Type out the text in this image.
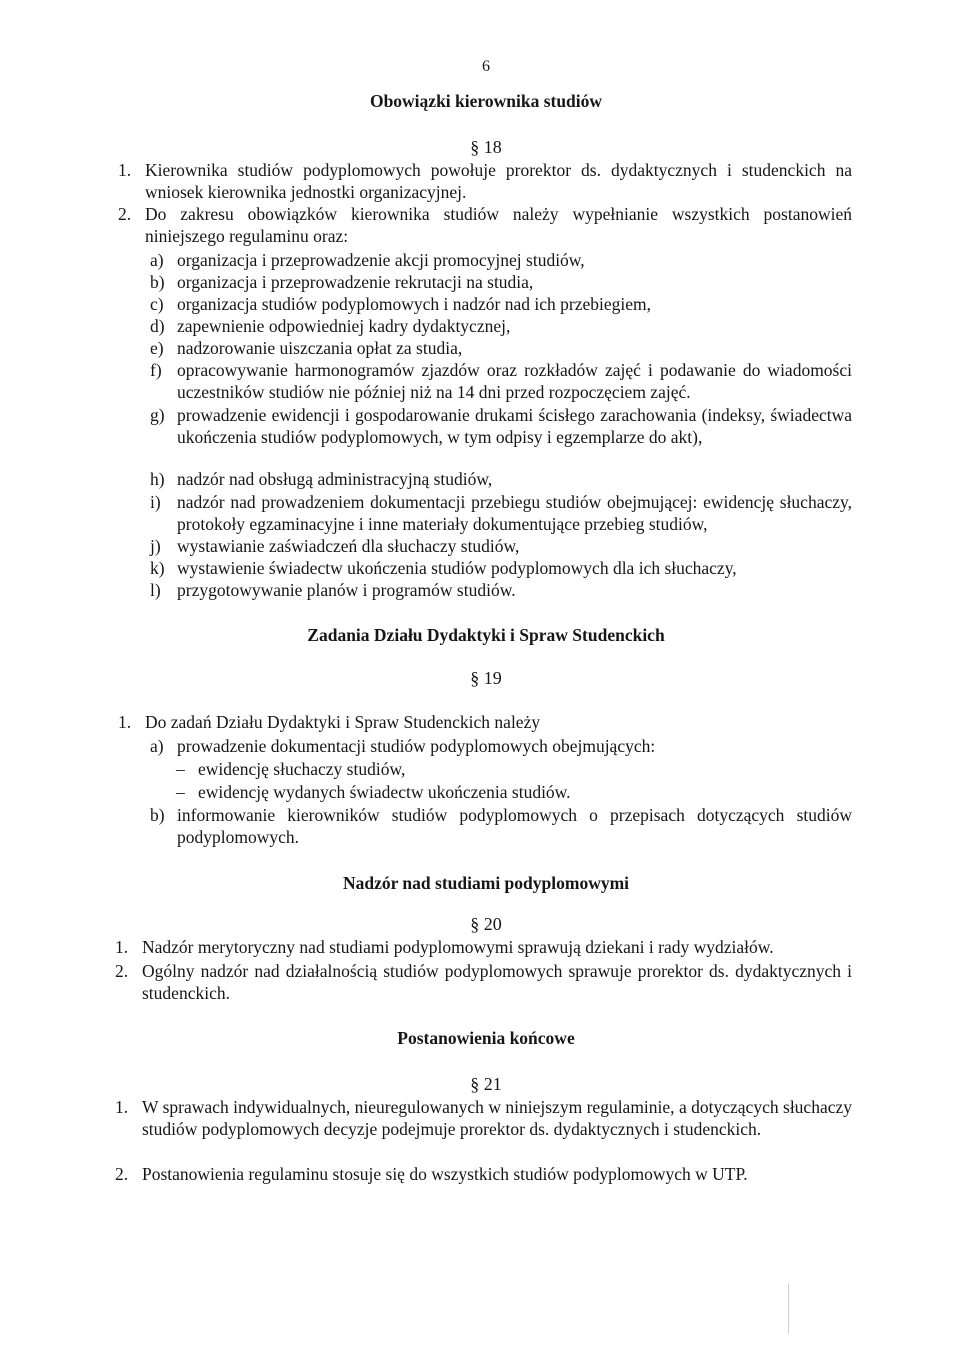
6
Obowiązki kierownika studiów
§ 18
1. Kierownika studiów podyplomowych powołuje prorektor ds. dydaktycznych i studenckich na wniosek kierownika jednostki organizacyjnej.
2. Do zakresu obowiązków kierownika studiów należy wypełnianie wszystkich postanowień niniejszego regulaminu oraz:
a) organizacja i przeprowadzenie akcji promocyjnej studiów,
b) organizacja i przeprowadzenie rekrutacji na studia,
c) organizacja studiów podyplomowych i nadzór nad ich przebiegiem,
d) zapewnienie odpowiedniej kadry dydaktycznej,
e) nadzorowanie uiszczania opłat za studia,
f) opracowywanie harmonogramów zjazdów oraz rozkładów zajęć i podawanie do wiadomości uczestników studiów nie później niż na 14 dni przed rozpoczęciem zajęć.
g) prowadzenie ewidencji i gospodarowanie drukami ścisłego zarachowania (indeksy, świadectwa ukończenia studiów podyplomowych, w tym odpisy i egzemplarze do akt),
h) nadzór nad obsługą administracyjną studiów,
i) nadzór nad prowadzeniem dokumentacji przebiegu studiów obejmującej: ewidencję słuchaczy, protokoły egzaminacyjne i inne materiały dokumentujące przebieg studiów,
j) wystawianie zaświadczeń dla słuchaczy studiów,
k) wystawienie świadectw ukończenia studiów podyplomowych dla ich słuchaczy,
l) przygotowywanie planów i programów studiów.
Zadania Działu Dydaktyki i Spraw Studenckich
§ 19
1. Do zadań Działu Dydaktyki i Spraw Studenckich należy
a) prowadzenie dokumentacji studiów podyplomowych obejmujących:
– ewidencję słuchaczy studiów,
– ewidencję wydanych świadectw ukończenia studiów.
b) informowanie kierowników studiów podyplomowych o przepisach dotyczących studiów podyplomowych.
Nadzór nad studiami podyplomowymi
§ 20
1. Nadzór merytoryczny nad studiami podyplomowymi sprawują dziekani i rady wydziałów.
2. Ogólny nadzór nad działalnością studiów podyplomowych sprawuje prorektor ds. dydaktycznych i studenckich.
Postanowienia końcowe
§ 21
1. W sprawach indywidualnych, nieuregulowanych w niniejszym regulaminie, a dotyczących słuchaczy studiów podyplomowych decyzje podejmuje prorektor ds. dydaktycznych i studenckich.
2. Postanowienia regulaminu stosuje się do wszystkich studiów podyplomowych w UTP.
